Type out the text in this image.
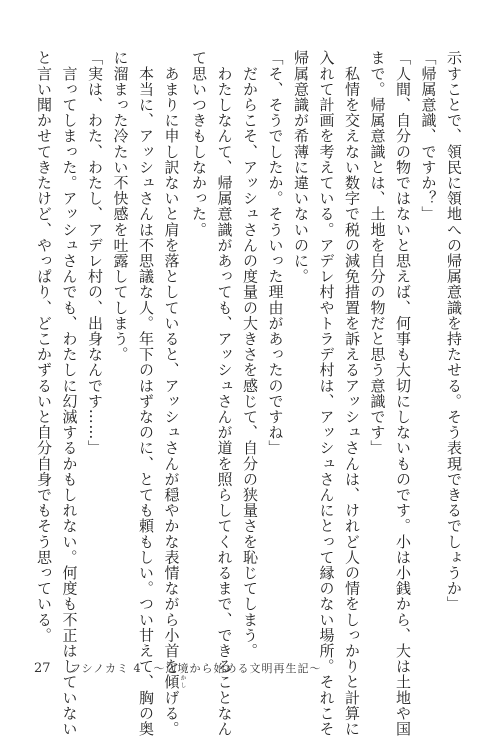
示すことで、領民に領地への帰属意識を持たせる。そう表現できるでしょうか」
「帰属意識、ですか？」
「人間、自分の物ではないと思えば、何事も大切にしないものです。小は小銭から、大は土地や国
まで。帰属意識とは、土地を自分の物だと思う意識です」
　私情を交えない数字で税の減免措置を訴えるアッシュさんは、けれど人の情をしっかりと計算に
入れて計画を考えている。アデレ村やトラデ村は、アッシュさんにとって縁のない場所。それこそ
帰属意識が希薄に違いないのに。
「そ、そうでしたか。そういった理由があったのですね」
　だからこそ、アッシュさんの度量の大きさを感じて、自分の狭量さを恥じてしまう。
　わたしなんて、帰属意識があっても、アッシュさんが道を照らしてくれるまで、できることなん
て思いつきもしなかった。
　あまりに申し訳ないと肩を落としていると、アッシュさんが穏やかな表情ながら小首を傾かしげる。
　本当に、アッシュさんは不思議な人。年下のはずなのに、とても頼もしい。つい甘えて、胸の奥
に溜まった冷たい不快感を吐露してしまう。
「実は、わた、わたし、アデレ村の、出身なんです……」
　言ってしまった。アッシュさんでも、わたしに幻滅するかもしれない。何度も不正はしていない
と言い聞かせてきたけど、やっぱり、どこかずるいと自分自身でもそう思っている。
27 フシノカミ 4　～辺境から始める文明再生記～
